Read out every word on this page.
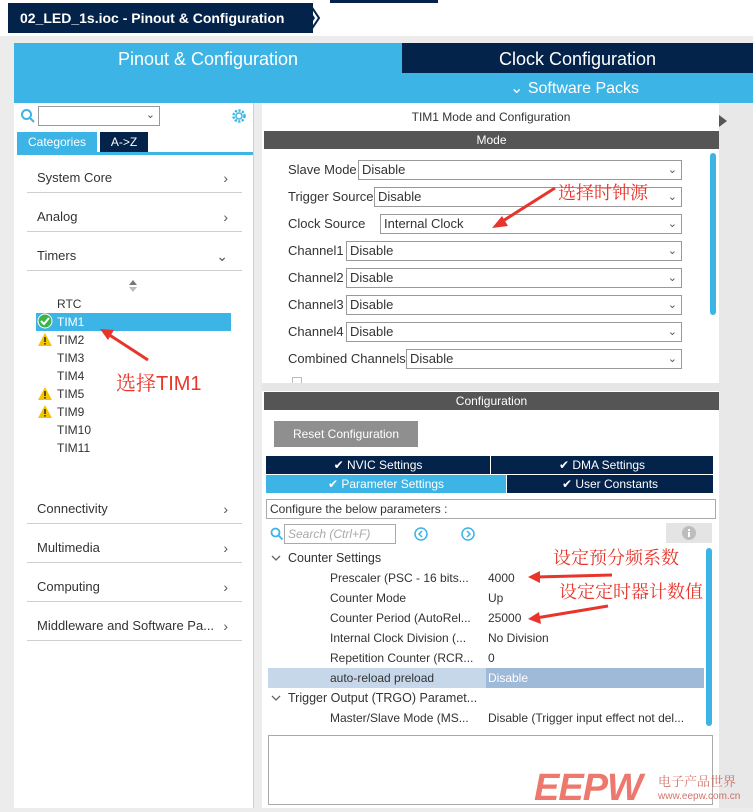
02_LED_1s.ioc - Pinout & Configuration
Pinout & Configuration	Clock Configuration
⌄ Software Packs
⌄
Categories	A->Z
System Core	›
Analog	›
Timers	⌄
RTC
TIM1
TIM2
TIM3
TIM4
TIM5
TIM9
TIM10
TIM11
Connectivity	›
Multimedia	›
Computing	›
Middleware and Software Pa... ›
TIM1 Mode and Configuration
Mode
Slave Mode Disable	⌄
Trigger Source Disable	⌄
Clock Source	Internal Clock	⌄
Channel1 Disable	⌄
Channel2 Disable	⌄
Channel3 Disable	⌄
Channel4 Disable	⌄
Combined Channels Disable	⌄
Configuration
Reset Configuration
✔ NVIC Settings	✔ DMA Settings
✔ Parameter Settings	✔ User Constants
Configure the below parameters :
Search (Ctrl+F)
Counter Settings
Prescaler (PSC - 16 bits... 4000
Counter Mode	Up
Counter Period (AutoRel... 25000
Internal Clock Division (... No Division
Repetition Counter (RCR... 0
auto-reload preload	Disable
Trigger Output (TRGO) Paramet...
Master/Slave Mode (MS... Disable (Trigger input effect not del...
选择时钟源
选择TIM1
设定预分频系数
设定定时器计数值
EEPW 电子产品世界
www.eepw.com.cn
